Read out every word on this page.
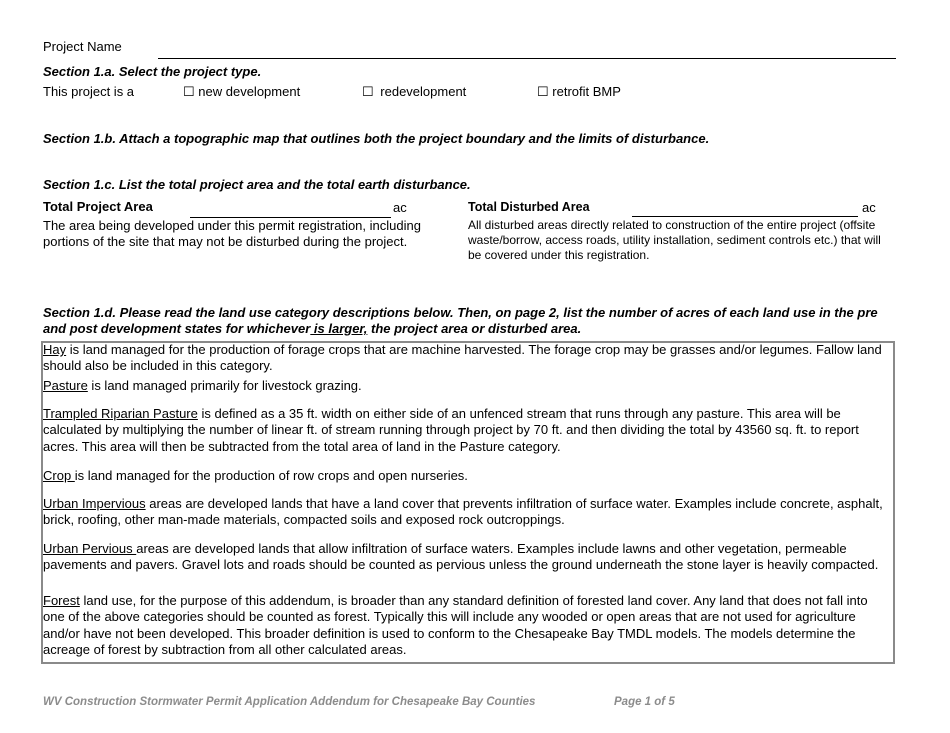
Project Name
Section 1.a. Select the project type.
This project is a	☐ new development	☐ redevelopment	☐ retrofit BMP
Section 1.b. Attach a topographic map that outlines both the project boundary and the limits of disturbance.
Section 1.c. List the total project area and the total earth disturbance.
Total Project Area	ac
The area being developed under this permit registration, including portions of the site that may not be disturbed during the project.
Total Disturbed Area	ac
All disturbed areas directly related to construction of the entire project (offsite waste/borrow, access roads, utility installation, sediment controls etc.) that will be covered under this registration.
Section 1.d. Please read the land use category descriptions below. Then, on page 2, list the number of acres of each land use in the pre
and post development states for whichever is larger, the project area or disturbed area.
Hay is land managed for the production of forage crops that are machine harvested. The forage crop may be grasses and/or legumes. Fallow land should also be included in this category.
Pasture is land managed primarily for livestock grazing.
Trampled Riparian Pasture is defined as a 35 ft. width on either side of an unfenced stream that runs through any pasture. This area will be calculated by multiplying the number of linear ft. of stream running through project by 70 ft. and then dividing the total by 43560 sq. ft. to report acres. This area will then be subtracted from the total area of land in the Pasture category.
Crop is land managed for the production of row crops and open nurseries.
Urban Impervious areas are developed lands that have a land cover that prevents infiltration of surface water. Examples include concrete, asphalt, brick, roofing, other man-made materials, compacted soils and exposed rock outcroppings.
Urban Pervious areas are developed lands that allow infiltration of surface waters. Examples include lawns and other vegetation, permeable pavements and pavers. Gravel lots and roads should be counted as pervious unless the ground underneath the stone layer is heavily compacted.
Forest land use, for the purpose of this addendum, is broader than any standard definition of forested land cover. Any land that does not fall into one of the above categories should be counted as forest. Typically this will include any wooded or open areas that are not used for agriculture and/or have not been developed. This broader definition is used to conform to the Chesapeake Bay TMDL models. The models determine the acreage of forest by subtraction from all other calculated areas.
WV Construction Stormwater Permit Application Addendum for Chesapeake Bay Counties	Page 1 of 5
